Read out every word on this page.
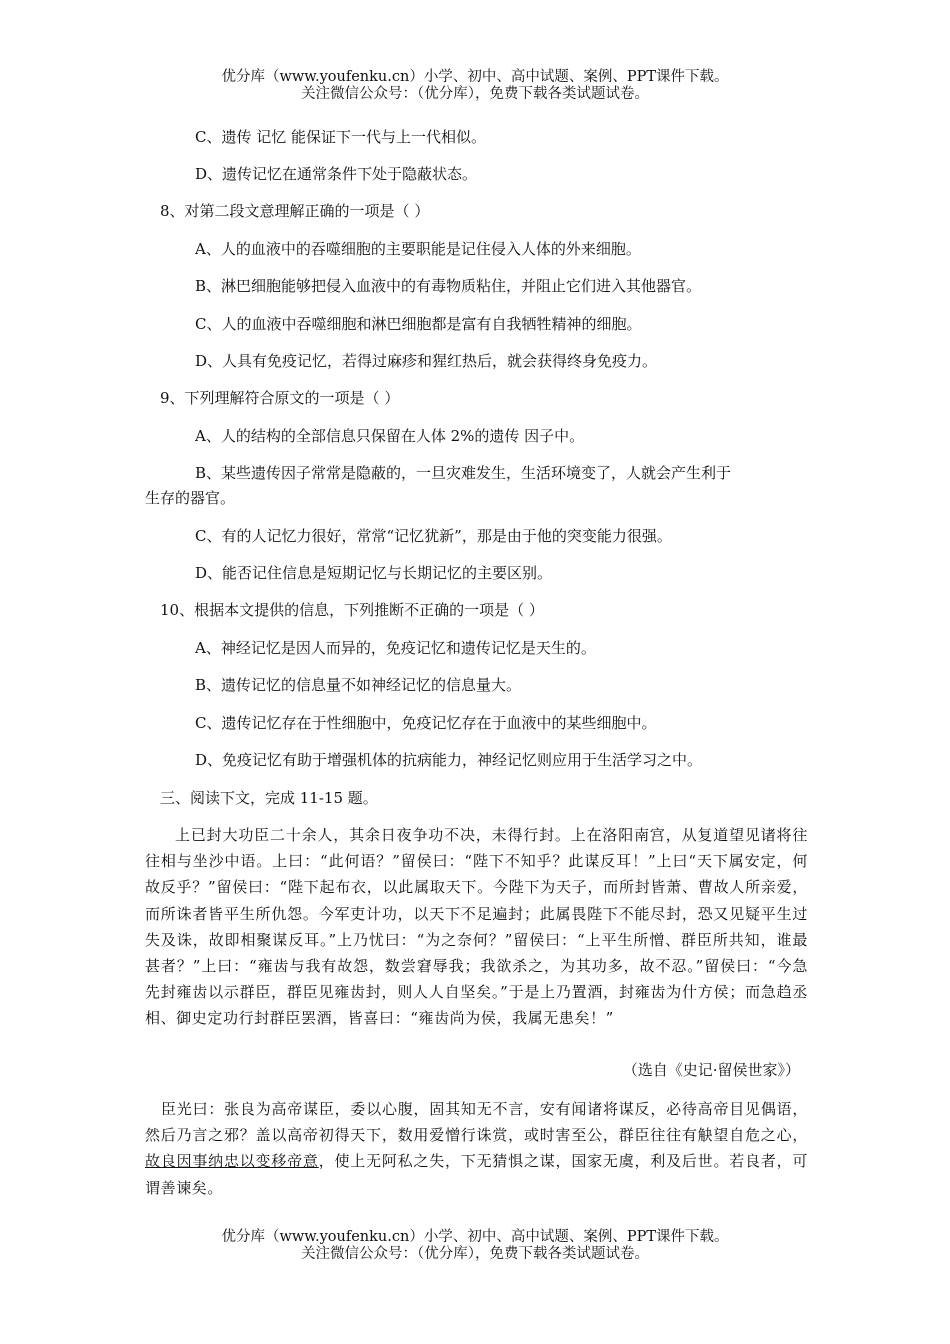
优分库（www.youfenku.cn）小学、初中、高中试题、案例、PPT课件下载。
关注微信公众号：（优分库），免费下载各类试题试卷。
C、遗传 记忆 能保证下一代与上一代相似。
D、遗传记忆在通常条件下处于隐蔽状态。
8、对第二段文意理解正确的一项是（ ）
A、人的血液中的吞噬细胞的主要职能是记住侵入人体的外来细胞。
B、淋巴细胞能够把侵入血液中的有毒物质粘住，并阻止它们进入其他器官。
C、人的血液中吞噬细胞和淋巴细胞都是富有自我牺牲精神的细胞。
D、人具有免疫记忆，若得过麻疹和猩红热后，就会获得终身免疫力。
9、下列理解符合原文的一项是（ ）
A、人的结构的全部信息只保留在人体 2%的遗传 因子中。
B、某些遗传因子常常是隐蔽的，一旦灾难发生，生活环境变了，人就会产生利于
生存的器官。
C、有的人记忆力很好，常常“记忆犹新”，那是由于他的突变能力很强。
D、能否记住信息是短期记忆与长期记忆的主要区别。
10、根据本文提供的信息，下列推断不正确的一项是（ ）
A、神经记忆是因人而异的，免疫记忆和遗传记忆是天生的。
B、遗传记忆的信息量不如神经记忆的信息量大。
C、遗传记忆存在于性细胞中，免疫记忆存在于血液中的某些细胞中。
D、免疫记忆有助于增强机体的抗病能力，神经记忆则应用于生活学习之中。
三、阅读下文，完成 11-15 题。

上已封大功臣二十余人，其余日夜争功不决，未得行封。上在洛阳南宫，从复道望见诸将往往相与坐沙中语。上曰：“此何语？”留侯曰：“陛下不知乎？此谋反耳！”上曰“天下属安定，何故反乎？”留侯曰：“陛下起布衣，以此属取天下。今陛下为天子，而所封皆萧、曹故人所亲爱，而所诛者皆平生所仇怨。今军吏计功，以天下不足遍封；此属畏陛下不能尽封，恐又见疑平生过失及诛，故即相聚谋反耳。”上乃忧曰：“为之奈何？”留侯曰：“上平生所憎、群臣所共知，谁最甚者？”上曰：“雍齿与我有故怨，数尝窘辱我；我欲杀之，为其功多，故不忍。”留侯曰：“今急先封雍齿以示群臣，群臣见雍齿封，则人人自坚矣。”于是上乃置酒，封雍齿为什方侯；而急趋丞相、御史定功行封群臣罢酒，皆喜曰：“雍齿尚为侯，我属无患矣！”

（选自《史记·留侯世家》）

臣光曰：张良为高帝谋臣，委以心腹，固其知无不言，安有闻诸将谋反，必待高帝目见偶语，然后乃言之邪？盖以高帝初得天下，数用爱憎行诛赏，或时害至公，群臣往往有觖望自危之心，故良因事纳忠以变移帝意，使上无阿私之失，下无猜惧之谋，国家无虞，利及后世。若良者，可谓善谏矣。

优分库（www.youfenku.cn）小学、初中、高中试题、案例、PPT课件下载。
关注微信公众号：（优分库），免费下载各类试题试卷。
